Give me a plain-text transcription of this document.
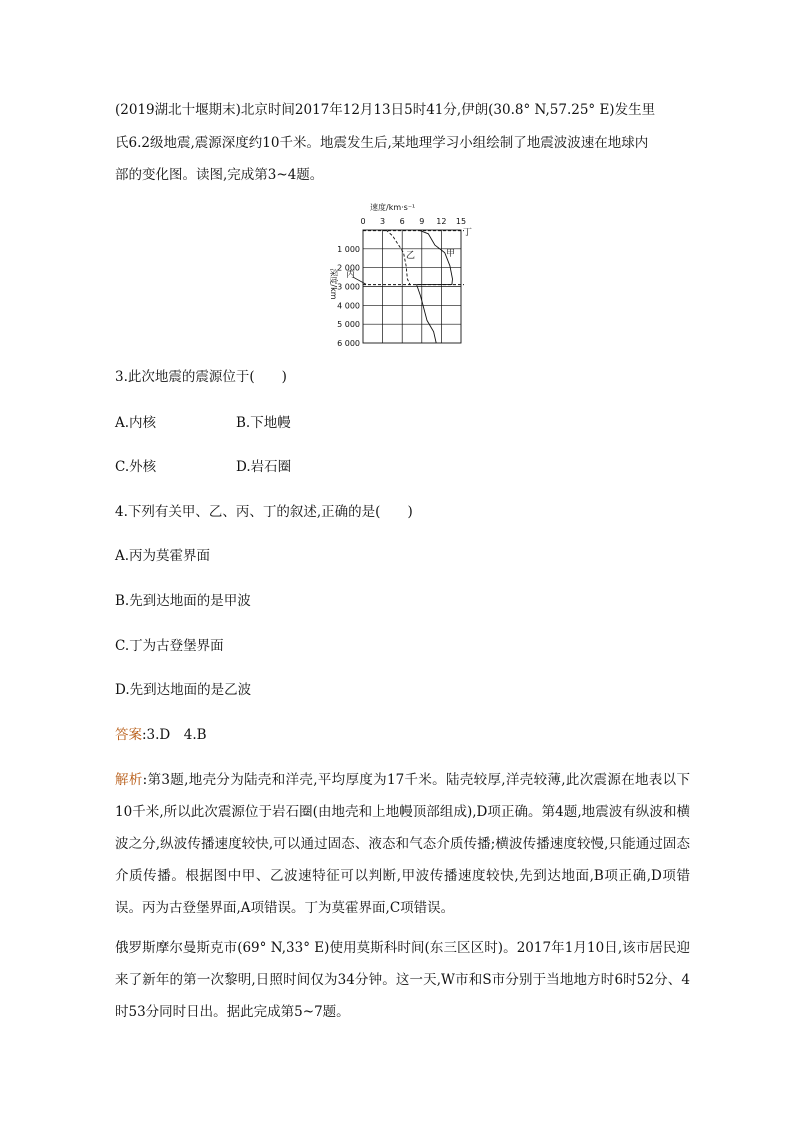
(2019湖北十堰期末)北京时间2017年12月13日5时41分,伊朗(30.8° N,57.25° E)发生里
氏6.2级地震,震源深度约10千米。地震发生后,某地理学习小组绘制了地震波波速在地球内
部的变化图。读图,完成第3~4题。
0 3 6 9 12 15
1 000
2 000
3 000
4 000
5 000
6 000
速度/km·s⁻¹
深度/km
甲
乙
丙
丁
3.此次地震的震源位于(　　)
A.内核	B.下地幔
C.外核	D.岩石圈
4.下列有关甲、乙、丙、丁的叙述,正确的是(　　)
A.丙为莫霍界面
B.先到达地面的是甲波
C.丁为古登堡界面
D.先到达地面的是乙波
答案:3.D　4.B
解析:第3题,地壳分为陆壳和洋壳,平均厚度为17千米。陆壳较厚,洋壳较薄,此次震源在地表以下10千米,所以此次震源位于岩石圈(由地壳和上地幔顶部组成),D项正确。第4题,地震波有纵波和横波之分,纵波传播速度较快,可以通过固态、液态和气态介质传播;横波传播速度较慢,只能通过固态介质传播。根据图中甲、乙波速特征可以判断,甲波传播速度较快,先到达地面,B项正确,D项错误。丙为古登堡界面,A项错误。丁为莫霍界面,C项错误。
俄罗斯摩尔曼斯克市(69° N,33° E)使用莫斯科时间(东三区区时)。2017年1月10日,该市居民迎来了新年的第一次黎明,日照时间仅为34分钟。这一天,W市和S市分别于当地地方时6时52分、4时53分同时日出。据此完成第5~7题。
